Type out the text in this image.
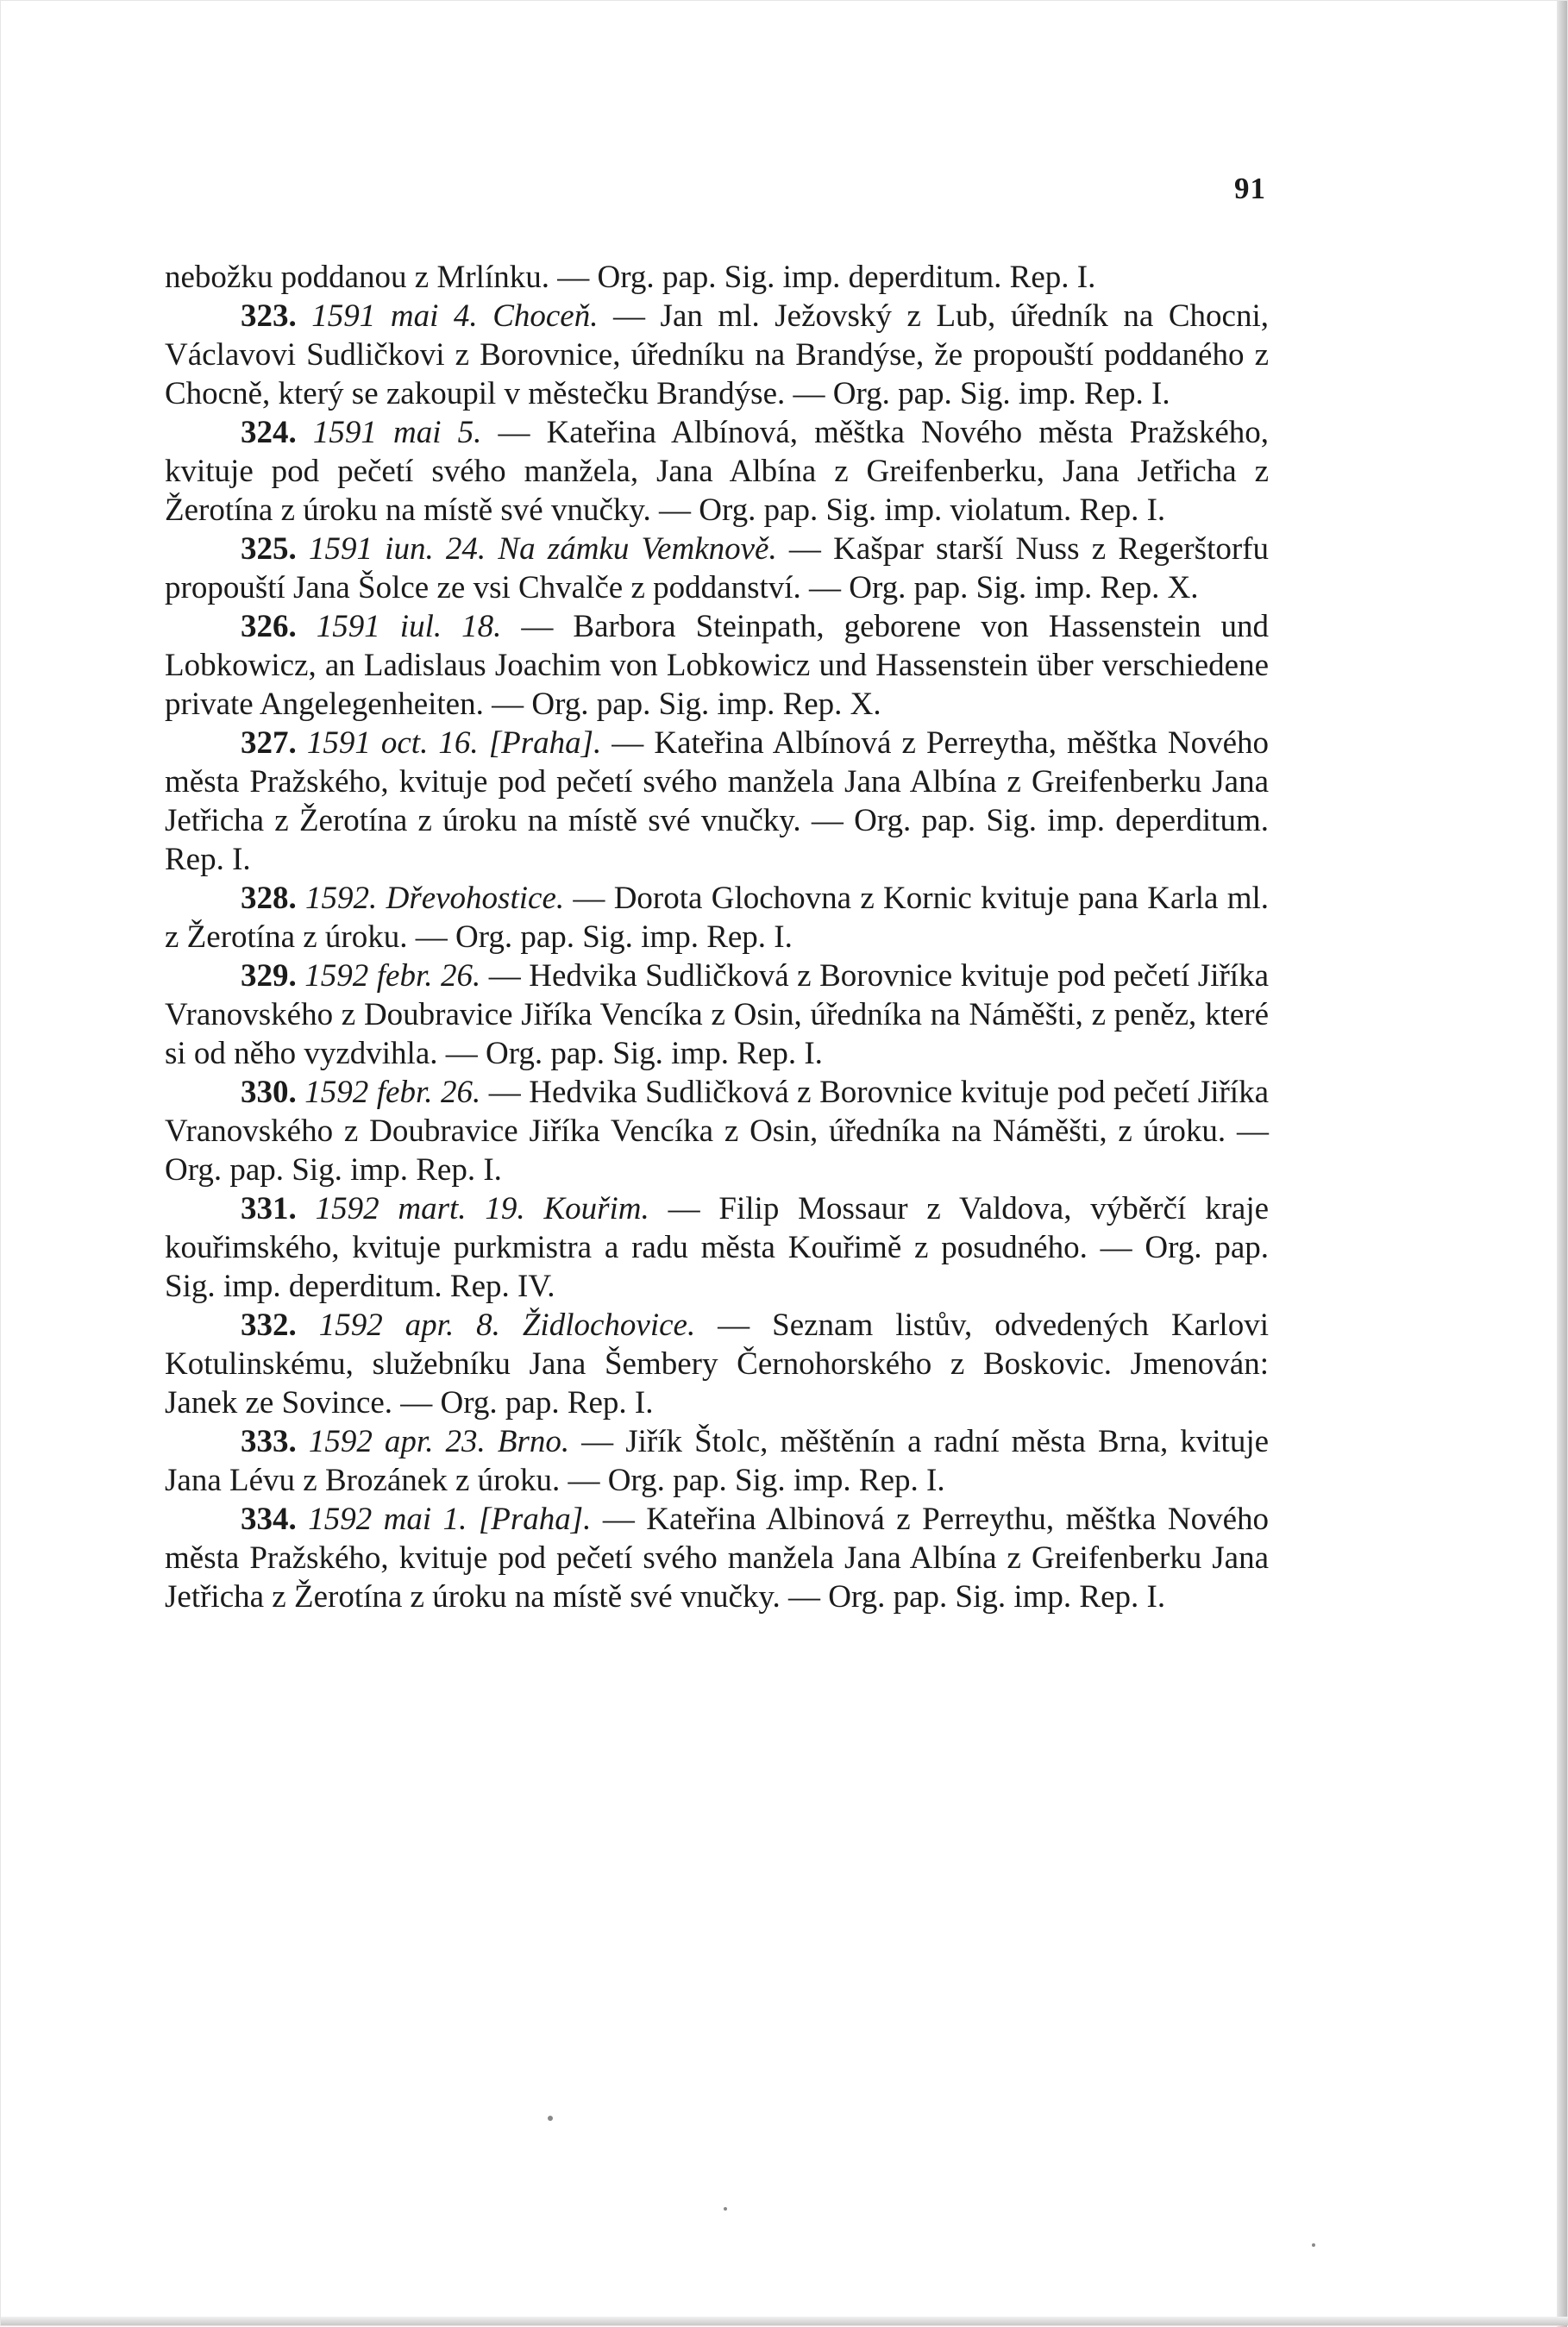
91

nebožku poddanou z Mrlínku. — Org. pap. Sig. imp. deperditum. Rep. I.

323. 1591 mai 4. Choceň. — Jan ml. Ježovský z Lub, úředník na Chocni, Václavovi Sudličkovi z Borovnice, úředníku na Brandýse, že propouští poddaného z Chocně, který se zakoupil v městečku Brandýse. — Org. pap. Sig. imp. Rep. I.

324. 1591 mai 5. — Kateřina Albínová, měštka Nového města Pražského, kvituje pod pečetí svého manžela, Jana Albína z Greifenberku, Jana Jetřicha z Žerotína z úroku na místě své vnučky. — Org. pap. Sig. imp. violatum. Rep. I.

325. 1591 iun. 24. Na zámku Vemknově. — Kašpar starší Nuss z Regerštorfu propouští Jana Šolce ze vsi Chvalče z poddanství. — Org. pap. Sig. imp. Rep. X.

326. 1591 iul. 18. — Barbora Steinpath, geborene von Hassenstein und Lobkowicz, an Ladislaus Joachim von Lobkowicz und Hassenstein über verschiedene private Angelegenheiten. — Org. pap. Sig. imp. Rep. X.

327. 1591 oct. 16. [Praha]. — Kateřina Albínová z Perreytha, měštka Nového města Pražského, kvituje pod pečetí svého manžela Jana Albína z Greifenberku Jana Jetřicha z Žerotína z úroku na místě své vnučky. — Org. pap. Sig. imp. deperditum. Rep. I.

328. 1592. Dřevohostice. — Dorota Glochovna z Kornic kvituje pana Karla ml. z Žerotína z úroku. — Org. pap. Sig. imp. Rep. I.

329. 1592 febr. 26. — Hedvika Sudličková z Borovnice kvituje pod pečetí Jiříka Vranovského z Doubravice Jiříka Vencíka z Osin, úředníka na Náměšti, z peněz, které si od něho vyzdvihla. — Org. pap. Sig. imp. Rep. I.

330. 1592 febr. 26. — Hedvika Sudličková z Borovnice kvituje pod pečetí Jiříka Vranovského z Doubravice Jiříka Vencíka z Osin, úředníka na Náměšti, z úroku. — Org. pap. Sig. imp. Rep. I.

331. 1592 mart. 19. Kouřim. — Filip Mossaur z Valdova, výběrčí kraje kouřimského, kvituje purkmistra a radu města Kouřimě z posudného. — Org. pap. Sig. imp. deperditum. Rep. IV.

332. 1592 apr. 8. Židlochovice. — Seznam listův, odvedených Karlovi Kotulinskému, služebníku Jana Šembery Černohorského z Boskovic. Jmenován: Janek ze Sovince. — Org. pap. Rep. I.

333. 1592 apr. 23. Brno. — Jiřík Štolc, měštěnín a radní města Brna, kvituje Jana Lévu z Brozánek z úroku. — Org. pap. Sig. imp. Rep. I.

334. 1592 mai 1. [Praha]. — Kateřina Albinová z Perreythu, měštka Nového města Pražského, kvituje pod pečetí svého manžela Jana Albína z Greifenberku Jana Jetřicha z Žerotína z úroku na místě své vnučky. — Org. pap. Sig. imp. Rep. I.
